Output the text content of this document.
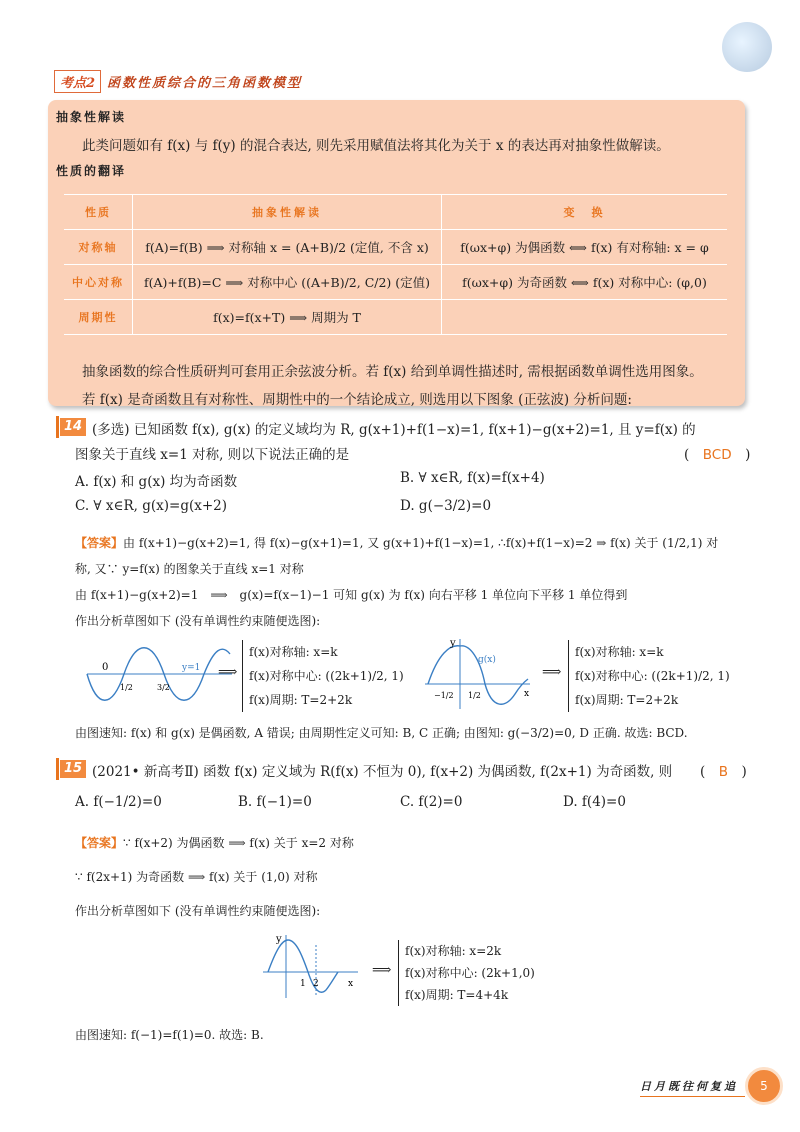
考点2 函数性质综合的三角函数模型
抽象性解读
此类问题如有 f(x) 与 f(y) 的混合表达, 则先采用赋值法将其化为关于 x 的表达再对抽象性做解读。
性质的翻译
性质	抽象性解读	变　换
对称轴	f(A)=f(B) ⟹ 对称轴 x = (A+B)/2 (定值, 不含 x)	f(ωx+φ) 为偶函数 ⟺ f(x) 有对称轴: x = φ
中心对称	f(A)+f(B)=C ⟹ 对称中心 ((A+B)/2, C/2) (定值)	f(ωx+φ) 为奇函数 ⟺ f(x) 对称中心: (φ,0)
周期性	f(x)=f(x+T) ⟹ 周期为 T	
抽象函数的综合性质研判可套用正余弦波分析。若 f(x) 给到单调性描述时, 需根据函数单调性选用图象。
若 f(x) 是奇函数且有对称性、周期性中的一个结论成立, 则选用以下图象 (正弦波) 分析问题:
14 (多选) 已知函数 f(x), g(x) 的定义域均为 R, g(x+1)+f(1−x)=1, f(x+1)−g(x+2)=1, 且 y=f(x) 的
图象关于直线 x=1 对称, 则以下说法正确的是	(　BCD　)
A. f(x) 和 g(x) 均为奇函数	B. ∀ x∈R, f(x)=f(x+4)
C. ∀ x∈R, g(x)=g(x+2)	D. g(−3/2)=0
【答案】由 f(x+1)−g(x+2)=1, 得 f(x)−g(x+1)=1, 又 g(x+1)+f(1−x)=1, ∴f(x)+f(1−x)=2 ⇒ f(x) 关于 (1/2,1) 对
称, 又∵ y=f(x) 的图象关于直线 x=1 对称
由 f(x+1)−g(x+2)=1　⟹　g(x)=f(x−1)−1 可知 g(x) 为 f(x) 向右平移 1 单位向下平移 1 单位得到
作出分析草图如下 (没有单调性约束随便选图):
0	y=1
1/2	3/2
⟹
f(x)对称轴: x=k
f(x)对称中心: ((2k+1)/2, 1)
f(x)周期: T=2+2k
y
g(x)
−1/2 1/2	x
⟹
f(x)对称轴: x=k
f(x)对称中心: ((2k+1)/2, 1)
f(x)周期: T=2+2k
由图速知: f(x) 和 g(x) 是偶函数, A 错误; 由周期性定义可知: B, C 正确; 由图知: g(−3/2)=0, D 正确. 故选: BCD.
15 (2021• 新高考Ⅱ) 函数 f(x) 定义域为 R(f(x) 不恒为 0), f(x+2) 为偶函数, f(2x+1) 为奇函数, 则	(　B　)
A. f(−1/2)=0	B. f(−1)=0	C. f(2)=0	D. f(4)=0
【答案】∵ f(x+2) 为偶函数 ⟹ f(x) 关于 x=2 对称
∵ f(2x+1) 为奇函数 ⟹ f(x) 关于 (1,0) 对称
作出分析草图如下 (没有单调性约束随便选图):
y
1 2	x
⟹
f(x)对称轴: x=2k
f(x)对称中心: (2k+1,0)
f(x)周期: T=4+4k
由图速知: f(−1)=f(1)=0. 故选: B.
日月既往何复追	5
